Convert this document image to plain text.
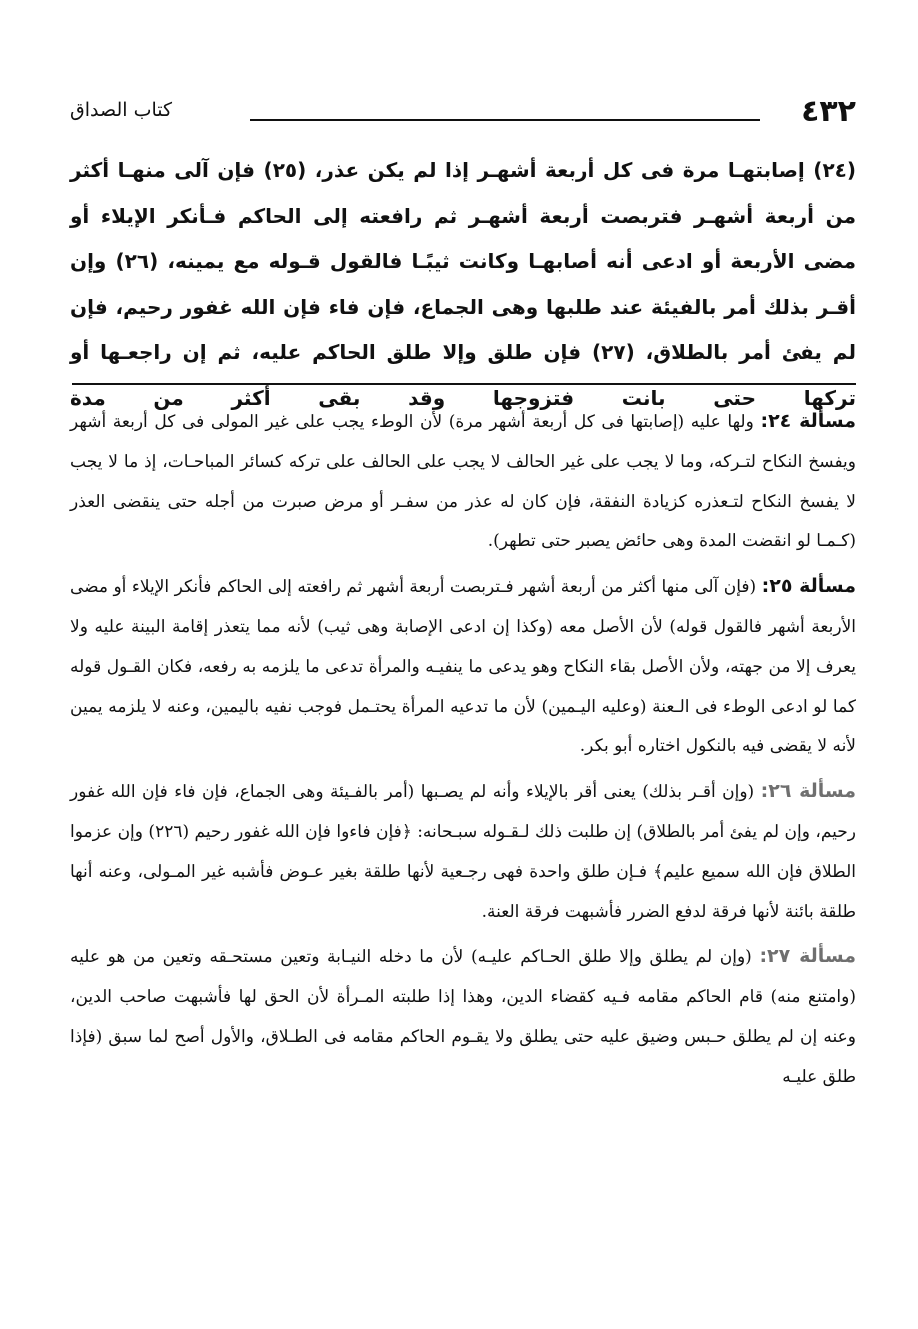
٤٣٢
كتاب الصداق

(٢٤) إصابتهـا مرة فى كل أربعة أشهـر إذا لم يكن عذر، (٢٥) فإن آلى منهـا أكثر من أربعة أشهـر فتربصت أربعة أشهـر ثم رافعته إلى الحاكم فـأنكر الإيلاء أو مضى الأربعة أو ادعى أنه أصابهـا وكانت ثيبًـا فالقول قـوله مع يمينه، (٢٦) وإن أقـر بذلك أمر بالفيئة عند طلبها وهى الجماع، فإن فاء فإن الله غفور رحيم، فإن لم يفئ أمر بالطلاق، (٢٧) فإن طلق وإلا طلق الحاكم عليه، ثم إن راجعـها أو تركها حتى بانت فتزوجها وقد بقى أكثر من مدة

مسألة ٢٤: ولها عليه (إصابتها فى كل أربعة أشهر مرة) لأن الوطء يجب على غير المولى فى كل أربعة أشهر ويفسخ النكاح لتـركه، وما لا يجب على غير الحالف لا يجب على الحالف على تركه كسائر المباحـات، إذ ما لا يجب لا يفسخ النكاح لتـعذره كزيادة النفقة، فإن كان له عذر من سفـر أو مرض صبرت من أجله حتى ينقضى العذر (كـمـا لو انقضت المدة وهى حائض يصبر حتى تطهر).

مسألة ٢٥: (فإن آلى منها أكثر من أربعة أشهر فـتربصت أربعة أشهر ثم رافعته إلى الحاكم فأنكر الإيلاء أو مضى الأربعة أشهر فالقول قوله) لأن الأصل معه (وكذا إن ادعى الإصابة وهى ثيب) لأنه مما يتعذر إقامة البينة عليه ولا يعرف إلا من جهته، ولأن الأصل بقاء النكاح وهو يدعى ما ينفيـه والمرأة تدعى ما يلزمه به رفعه، فكان القـول قوله كما لو ادعى الوطء فى الـعنة (وعليه اليـمين) لأن ما تدعيه المرأة يحتـمل فوجب نفيه باليمين، وعنه لا يلزمه يمين لأنه لا يقضى فيه بالنكول اختاره أبو بكر.

مسألة ٢٦: (وإن أقـر بذلك) يعنى أقر بالإيلاء وأنه لم يصـبها (أمر بالفـيئة وهى الجماع، فإن فاء فإن الله غفور رحيم، وإن لم يفئ أمر بالطلاق) إن طلبت ذلك لـقـوله سبـحانه: ﴿فإن فاءوا فإن الله غفور رحيم (٢٢٦) وإن عزموا الطلاق فإن الله سميع عليم﴾ فـإن طلق واحدة فهى رجـعية لأنها طلقة بغير عـوض فأشبه غير المـولى، وعنه أنها طلقة بائنة لأنها فرقة لدفع الضرر فأشبهت فرقة العنة.

مسألة ٢٧: (وإن لم يطلق وإلا طلق الحـاكم عليـه) لأن ما دخله النيـابة وتعين مستحـقه وتعين من هو عليه (وامتنع منه) قام الحاكم مقامه فـيه كقضاء الدين، وهذا إذا طلبته المـرأة لأن الحق لها فأشبهت صاحب الدين، وعنه إن لم يطلق حـبس وضيق عليه حتى يطلق ولا يقـوم الحاكم مقامه فى الطـلاق، والأول أصح لما سبق (فإذا طلق عليـه
